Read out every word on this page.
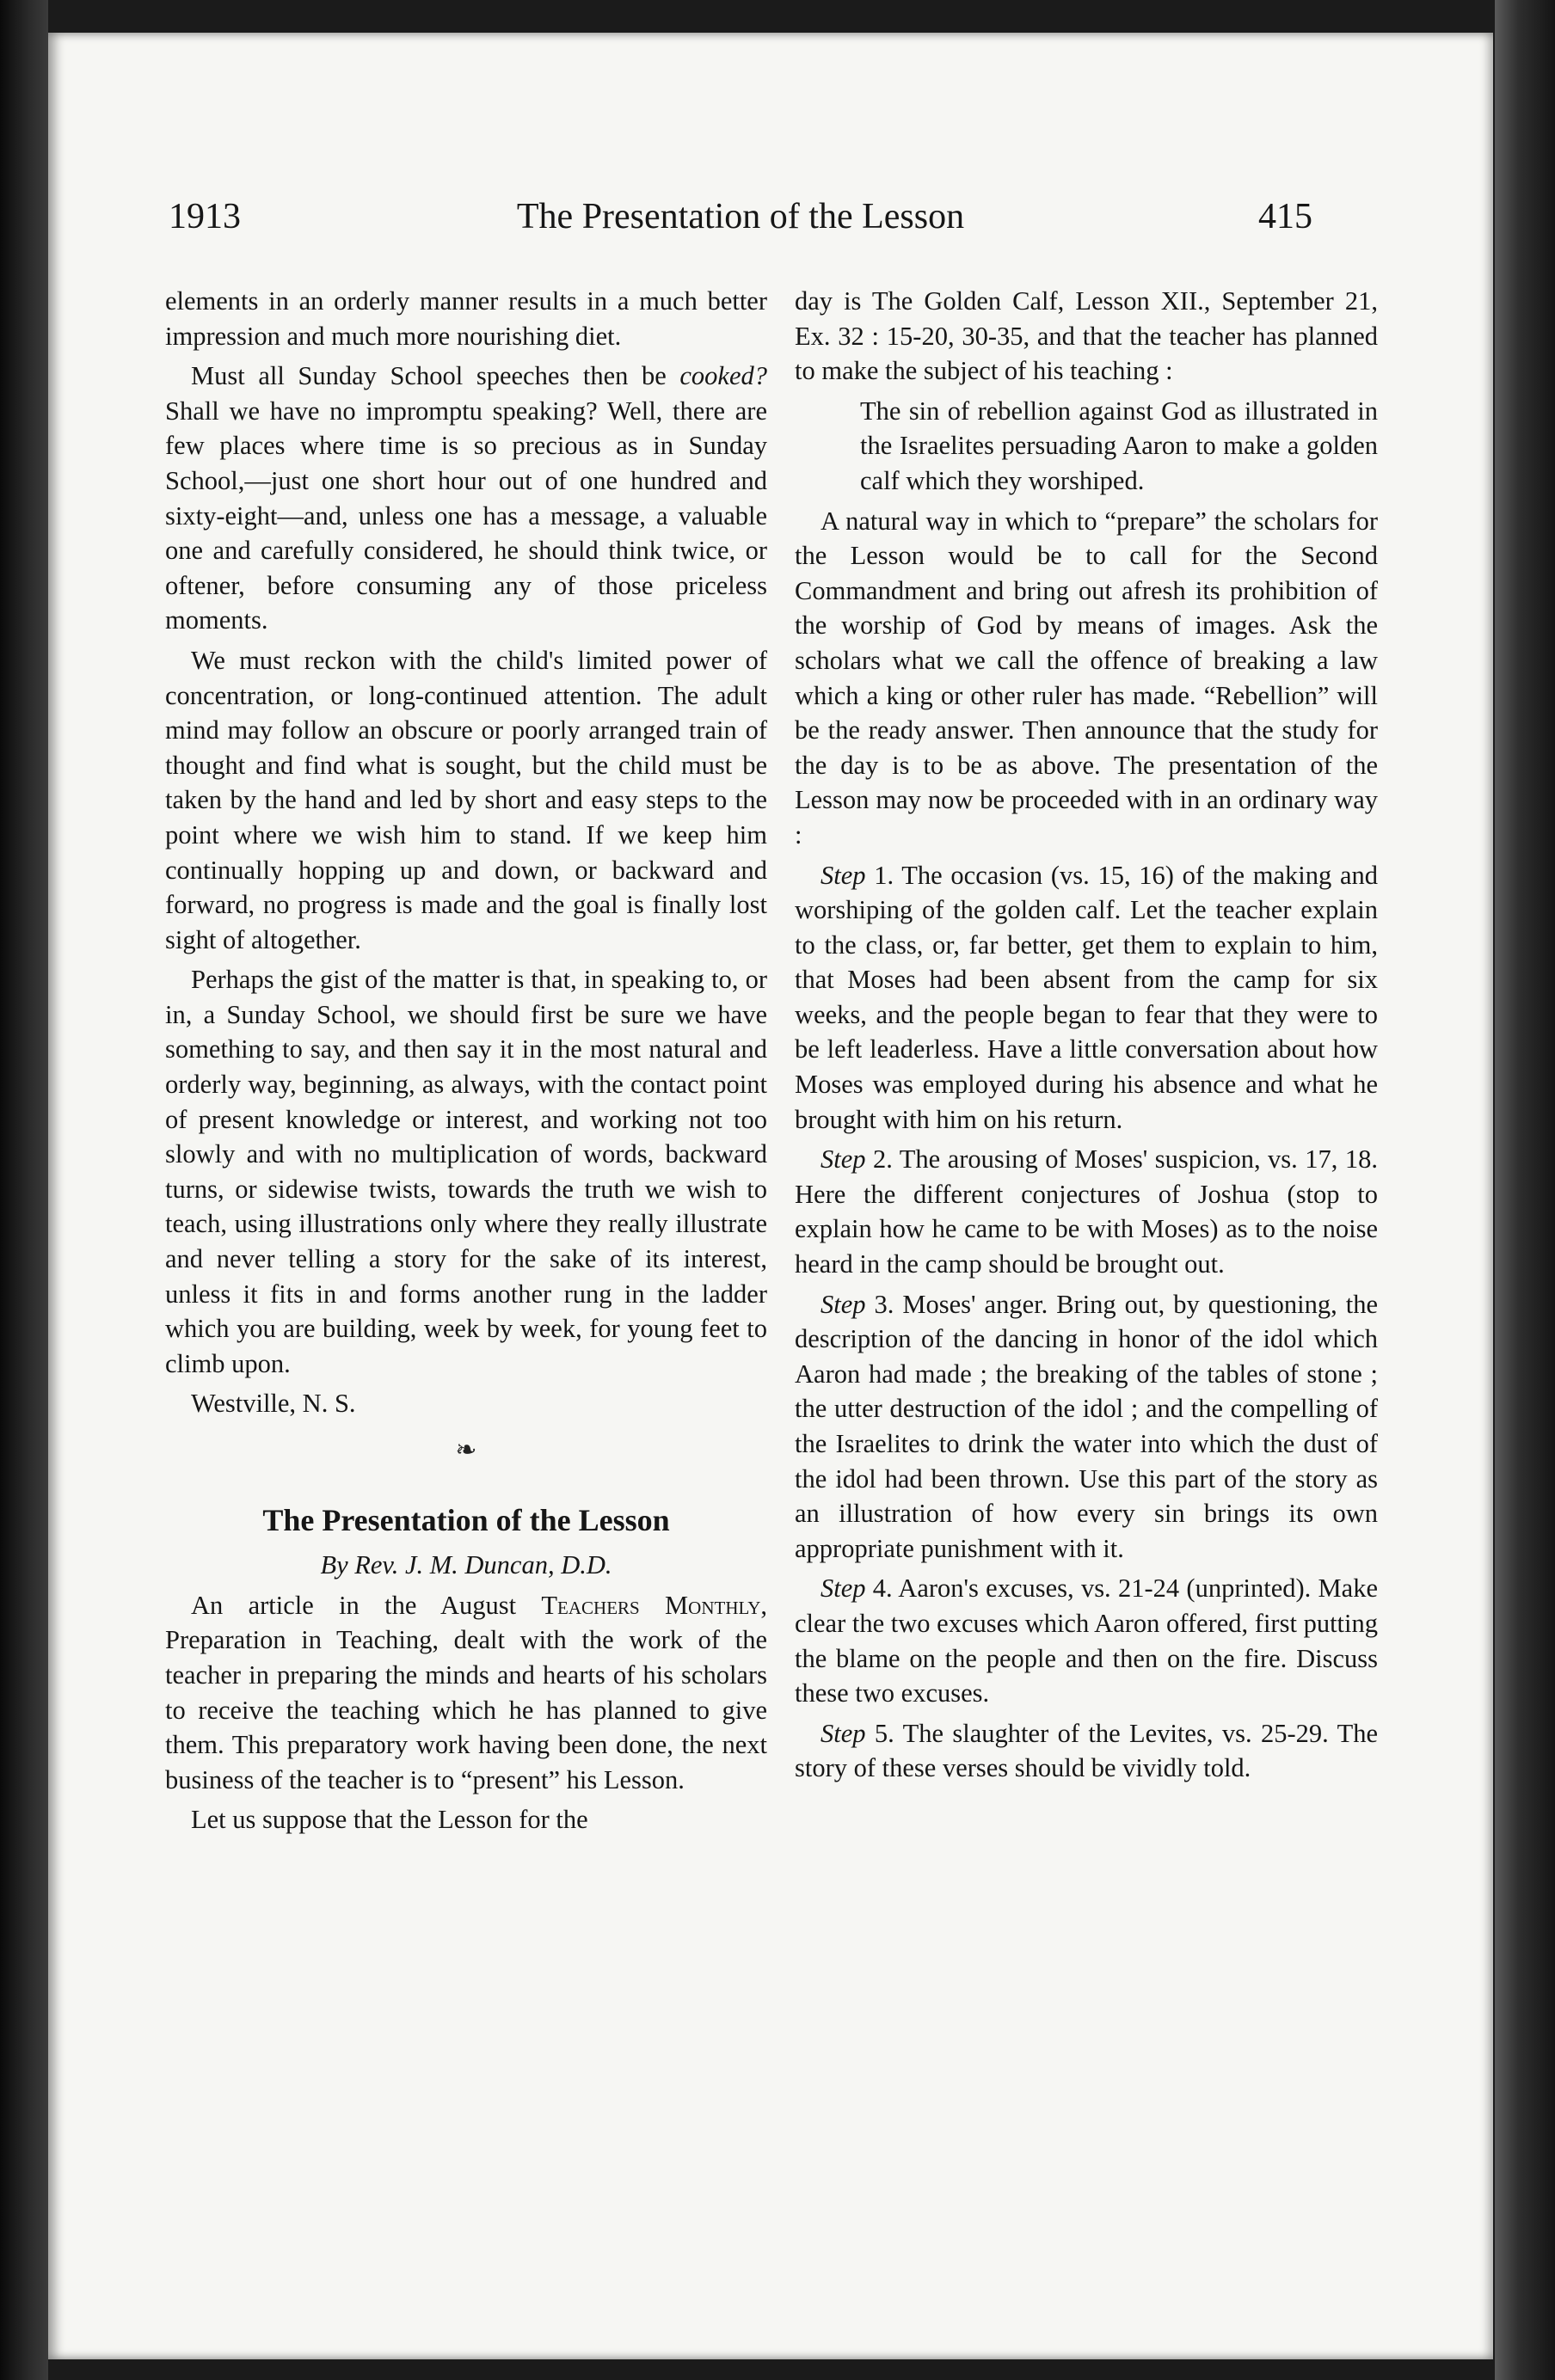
1913	The Presentation of the Lesson	415

elements in an orderly manner results in a much better impression and much more nourishing diet.

Must all Sunday School speeches then be cooked? Shall we have no impromptu speaking? Well, there are few places where time is so precious as in Sunday School,—just one short hour out of one hundred and sixty-eight—and, unless one has a message, a valuable one and carefully considered, he should think twice, or oftener, before consuming any of those priceless moments.

We must reckon with the child's limited power of concentration, or long-continued attention. The adult mind may follow an obscure or poorly arranged train of thought and find what is sought, but the child must be taken by the hand and led by short and easy steps to the point where we wish him to stand. If we keep him continually hopping up and down, or backward and forward, no progress is made and the goal is finally lost sight of altogether.

Perhaps the gist of the matter is that, in speaking to, or in, a Sunday School, we should first be sure we have something to say, and then say it in the most natural and orderly way, beginning, as always, with the contact point of present knowledge or interest, and working not too slowly and with no multiplication of words, backward turns, or sidewise twists, towards the truth we wish to teach, using illustrations only where they really illustrate and never telling a story for the sake of its interest, unless it fits in and forms another rung in the ladder which you are building, week by week, for young feet to climb upon.

Westville, N. S.

❧
The Presentation of the Lesson
By Rev. J. M. Duncan, D.D.

An article in the August Teachers Monthly, Preparation in Teaching, dealt with the work of the teacher in preparing the minds and hearts of his scholars to receive the teaching which he has planned to give them. This preparatory work having been done, the next business of the teacher is to “present” his Lesson.

Let us suppose that the Lesson for the

day is The Golden Calf, Lesson XII., September 21, Ex. 32 : 15-20, 30-35, and that the teacher has planned to make the subject of his teaching :

The sin of rebellion against God as illustrated in the Israelites persuading Aaron to make a golden calf which they worshiped.

A natural way in which to “prepare” the scholars for the Lesson would be to call for the Second Commandment and bring out afresh its prohibition of the worship of God by means of images. Ask the scholars what we call the offence of breaking a law which a king or other ruler has made. “Rebellion” will be the ready answer. Then announce that the study for the day is to be as above. The presentation of the Lesson may now be proceeded with in an ordinary way :

Step 1. The occasion (vs. 15, 16) of the making and worshiping of the golden calf. Let the teacher explain to the class, or, far better, get them to explain to him, that Moses had been absent from the camp for six weeks, and the people began to fear that they were to be left leaderless. Have a little conversation about how Moses was employed during his absence and what he brought with him on his return.

Step 2. The arousing of Moses' suspicion, vs. 17, 18. Here the different conjectures of Joshua (stop to explain how he came to be with Moses) as to the noise heard in the camp should be brought out.

Step 3. Moses' anger. Bring out, by questioning, the description of the dancing in honor of the idol which Aaron had made ; the breaking of the tables of stone ; the utter destruction of the idol ; and the compelling of the Israelites to drink the water into which the dust of the idol had been thrown. Use this part of the story as an illustration of how every sin brings its own appropriate punishment with it.

Step 4. Aaron's excuses, vs. 21-24 (unprinted). Make clear the two excuses which Aaron offered, first putting the blame on the people and then on the fire. Discuss these two excuses.

Step 5. The slaughter of the Levites, vs. 25-29. The story of these verses should be vividly told.
